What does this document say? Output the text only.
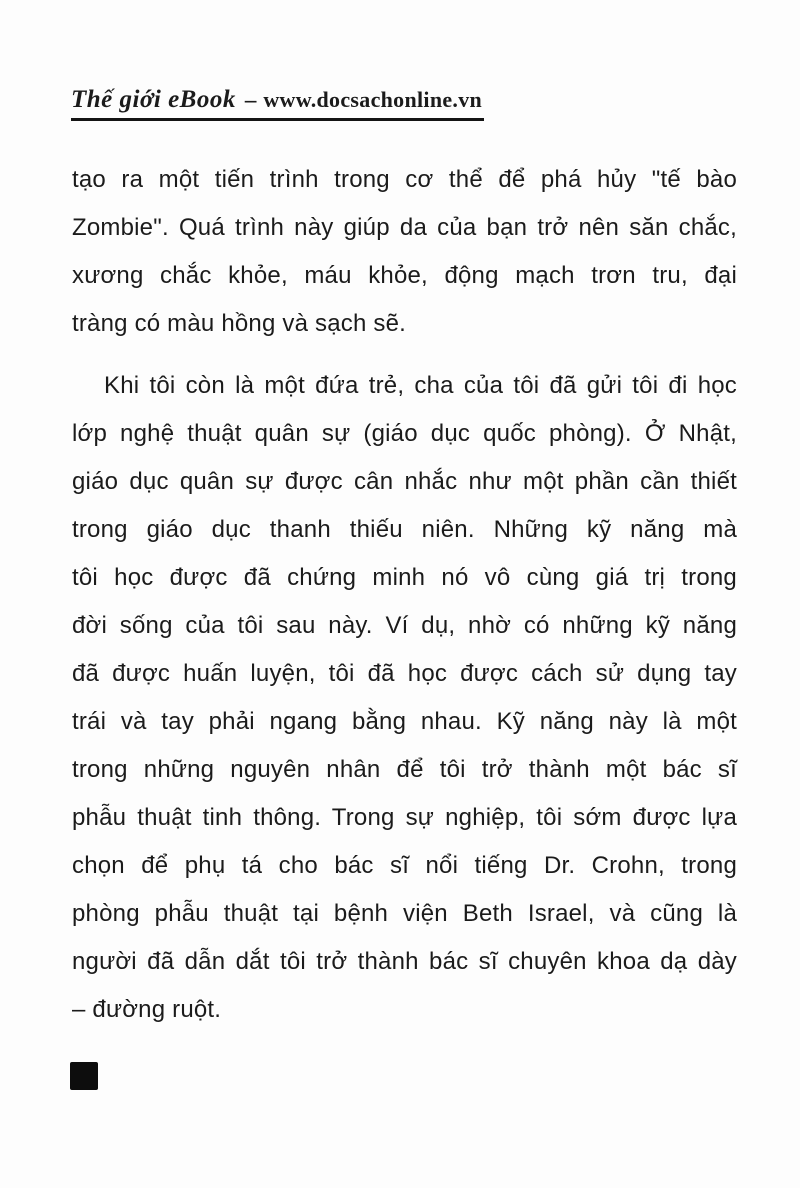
Thế giới eBook – www.docsachonline.vn
tạo ra một tiến trình trong cơ thể để phá hủy "tế bào
Zombie". Quá trình này giúp da của bạn trở nên săn chắc,
xương chắc khỏe, máu khỏe, động mạch trơn tru, đại
tràng có màu hồng và sạch sẽ.
Khi tôi còn là một đứa trẻ, cha của tôi đã gửi tôi đi học
lớp nghệ thuật quân sự (giáo dục quốc phòng). Ở Nhật,
giáo dục quân sự được cân nhắc như một phần cần thiết
trong giáo dục thanh thiếu niên. Những kỹ năng mà
tôi học được đã chứng minh nó vô cùng giá trị trong
đời sống của tôi sau này. Ví dụ, nhờ có những kỹ năng
đã được huấn luyện, tôi đã học được cách sử dụng tay
trái và tay phải ngang bằng nhau. Kỹ năng này là một
trong những nguyên nhân để tôi trở thành một bác sĩ
phẫu thuật tinh thông. Trong sự nghiệp, tôi sớm được lựa
chọn để phụ tá cho bác sĩ nổi tiếng Dr. Crohn, trong
phòng phẫu thuật tại bệnh viện Beth Israel, và cũng là
người đã dẫn dắt tôi trở thành bác sĩ chuyên khoa dạ dày
– đường ruột.
